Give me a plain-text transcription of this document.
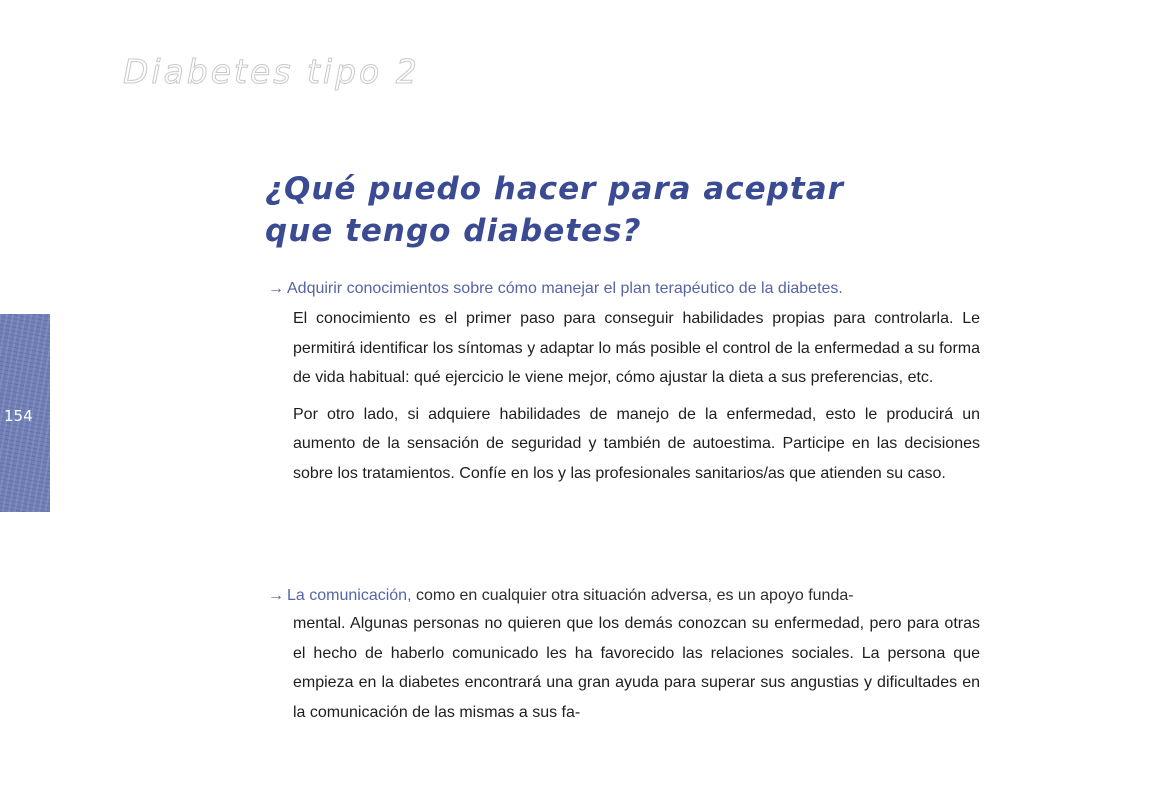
Diabetes tipo 2
154
¿Qué puedo hacer para aceptar
que tengo diabetes?
→ Adquirir conocimientos sobre cómo manejar el plan terapéutico de la diabetes.

El conocimiento es el primer paso para conseguir habilidades propias para controlarla. Le permitirá identificar los síntomas y adaptar lo más posible el control de la enfermedad a su forma de vida habitual: qué ejercicio le viene mejor, cómo ajustar la dieta a sus preferencias, etc.

Por otro lado, si adquiere habilidades de manejo de la enfermedad, esto le producirá un aumento de la sensación de seguridad y también de autoestima. Participe en las decisiones sobre los tratamientos. Confíe en los y las profesionales sanitarios/as que atienden su caso.

→ La comunicación, como en cualquier otra situación adversa, es un apoyo funda-

mental. Algunas personas no quieren que los demás conozcan su enfermedad, pero para otras el hecho de haberlo comunicado les ha favorecido las relaciones sociales. La persona que empieza en la diabetes encontrará una gran ayuda para superar sus angustias y dificultades en la comunicación de las mismas a sus fa-
